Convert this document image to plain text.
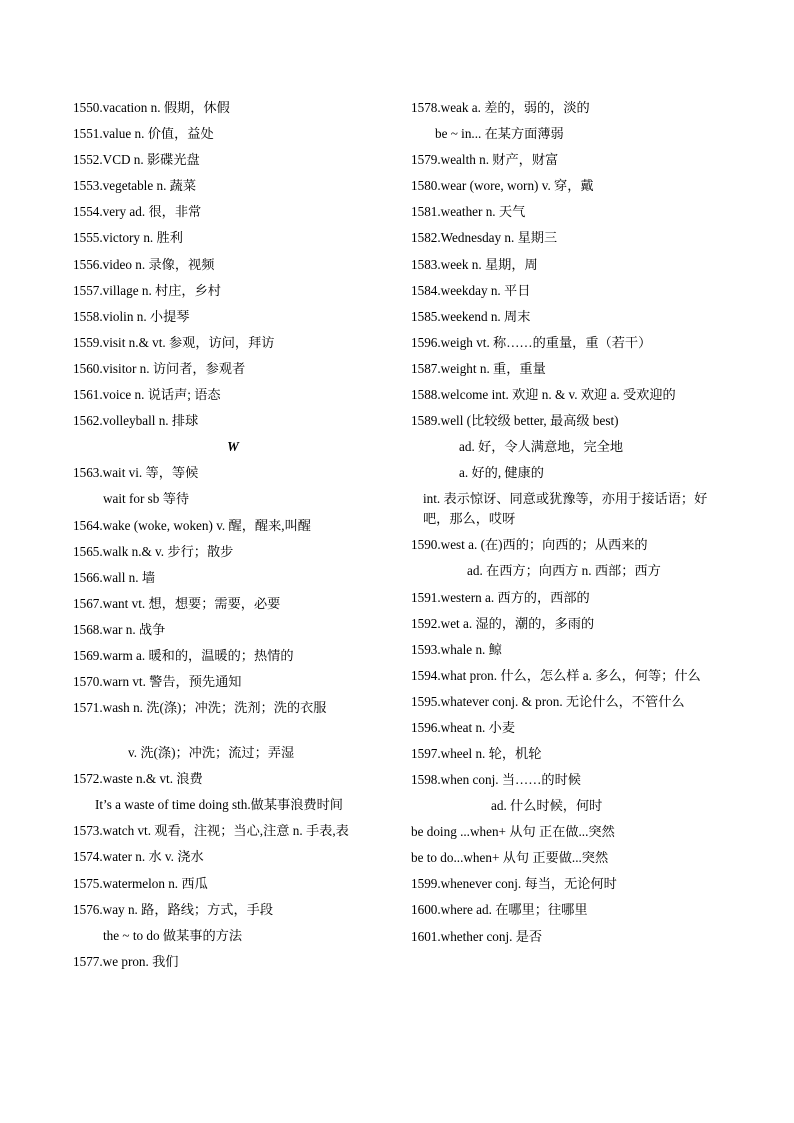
1550.vacation n. 假期，休假
1551.value n. 价值，益处
1552.VCD n. 影碟光盘
1553.vegetable n. 蔬菜
1554.very ad. 很，非常
1555.victory n. 胜利
1556.video n. 录像，视频
1557.village n. 村庄，乡村
1558.violin n. 小提琴
1559.visit n.& vt. 参观，访问，拜访
1560.visitor n. 访问者，参观者
1561.voice n. 说话声; 语态
1562.volleyball n. 排球
W
1563.wait vi. 等，等候
wait for sb 等待
1564.wake (woke, woken) v. 醒，醒来,叫醒
1565.walk n.& v. 步行；散步
1566.wall n. 墙
1567.want vt. 想，想要；需要，必要
1568.war n. 战争
1569.warm a. 暖和的，温暖的；热情的
1570.warn vt. 警告，预先通知
1571.wash n. 洗(涤)；冲洗；洗剂；洗的衣服
v. 洗(涤)；冲洗；流过；弄湿
1572.waste n.& vt. 浪费
It’s a waste of time doing sth.做某事浪费时间
1573.watch vt. 观看，注视；当心,注意 n. 手表,表
1574.water n. 水 v. 浇水
1575.watermelon n. 西瓜
1576.way n. 路，路线；方式，手段
the ~ to do 做某事的方法
1577.we pron. 我们
1578.weak a. 差的，弱的，淡的
be ~ in... 在某方面薄弱
1579.wealth n. 财产，财富
1580.wear (wore, worn) v. 穿，戴
1581.weather n. 天气
1582.Wednesday n. 星期三
1583.week n. 星期，周
1584.weekday n. 平日
1585.weekend n. 周末
1596.weigh vt. 称……的重量，重（若干）
1587.weight n. 重，重量
1588.welcome int. 欢迎 n. & v. 欢迎 a. 受欢迎的
1589.well (比较级 better, 最高级 best)
ad. 好，令人满意地，完全地
a. 好的, 健康的
int. 表示惊讶、同意或犹豫等，亦用于接话语；好吧，那么，哎呀
1590.west a. (在)西的；向西的；从西来的
ad. 在西方；向西方 n. 西部；西方
1591.western a. 西方的，西部的
1592.wet a. 湿的，潮的，多雨的
1593.whale n. 鲸
1594.what pron. 什么，怎么样 a. 多么，何等；什么
1595.whatever conj. & pron. 无论什么，不管什么
1596.wheat n. 小麦
1597.wheel n. 轮，机轮
1598.when conj. 当……的时候
ad. 什么时候，何时
be doing ...when+ 从句 正在做...突然
be to do...when+ 从句 正要做...突然
1599.whenever conj. 每当，无论何时
1600.where ad. 在哪里；往哪里
1601.whether conj. 是否
